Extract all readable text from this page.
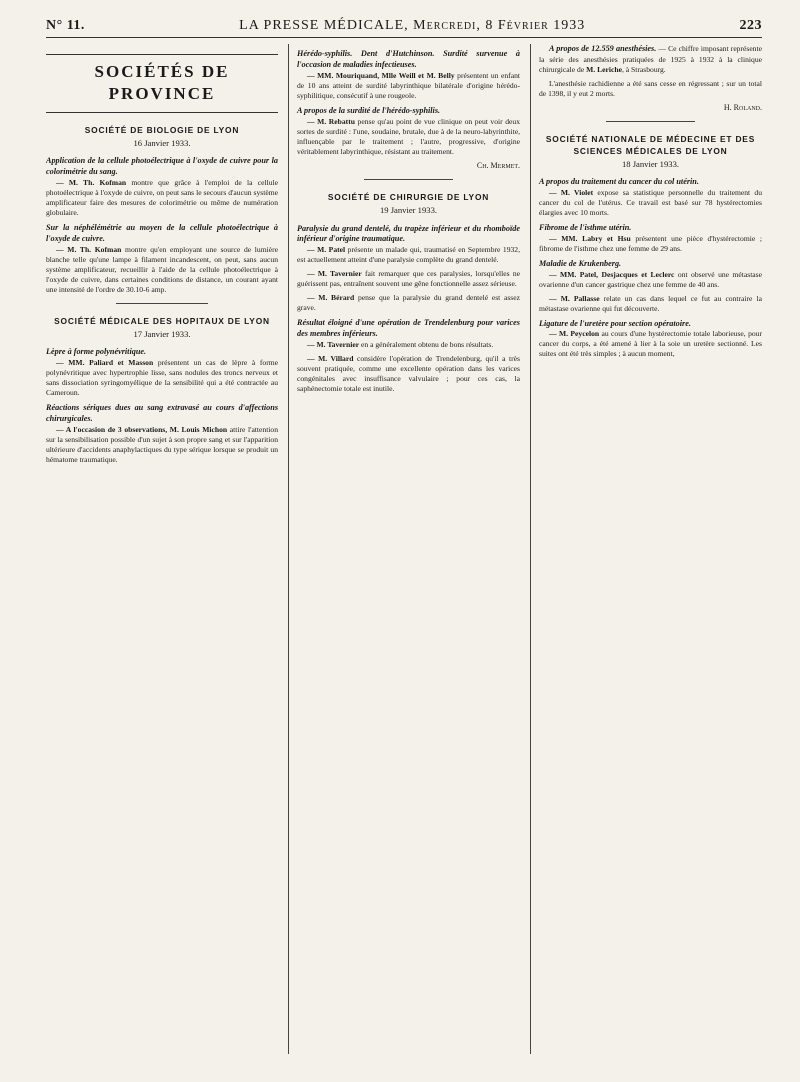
N° 11.	LA PRESSE MÉDICALE, Mercredi, 8 Février 1933	223
SOCIÉTÉS DE PROVINCE
SOCIÉTÉ DE BIOLOGIE DE LYON
16 Janvier 1933.
Application de la cellule photoélectrique à l'oxyde de cuivre pour la colorimétrie du sang.

— M. Th. Kofman montre que grâce à l'emploi de la cellule photoélectrique à l'oxyde de cuivre, on peut sans le secours d'aucun système amplificateur faire des mesures de colorimétrie ou même de numération globulaire.

Sur la néphélémétrie au moyen de la cellule photoélectrique à l'oxyde de cuivre.

— M. Th. Kofman montre qu'en employant une source de lumière blanche telle qu'une lampe à filament incandescent, on peut, sans aucun système amplificateur, recueillir à l'aide de la cellule photoélectrique à l'oxyde de cuivre, dans certaines conditions de distance, un courant ayant une intensité de l'ordre de 30.10-6 amp.

SOCIÉTÉ MÉDICALE DES HOPITAUX DE LYON
17 Janvier 1933.
Lèpre à forme polynévritique.

— MM. Paliard et Masson présentent un cas de lèpre à forme polynévritique avec hypertrophie lisse, sans nodules des troncs nerveux et sans dissociation syringomyélique de la sensibilité qui a été contractée au Cameroun.

Réactions sériques dues au sang extravasé au cours d'affections chirurgicales.

— A l'occasion de 3 observations, M. Louis Michon attire l'attention sur la sensibilisation possible d'un sujet à son propre sang et sur l'apparition ultérieure d'accidents anaphylactiques du type sérique lorsque se produit un hématome traumatique.

Hérédo-syphilis. Dent d'Hutchinson. Surdité survenue à l'occasion de maladies infectieuses.

— MM. Mouriquand, Mlle Weill et M. Belly présentent un enfant de 10 ans atteint de surdité labyrinthique bilatérale d'origine hérédo-syphilitique, consécutif à une rougeole.

A propos de la surdité de l'hérédo-syphilis.

— M. Rebattu pense qu'au point de vue clinique on peut voir deux sortes de surdité : l'une, soudaine, brutale, due à de la neuro-labyrinthite, influençable par le traitement ; l'autre, progressive, d'origine véritablement labyrinthique, résistant au traitement.

Ch. Mermet.
SOCIÉTÉ DE CHIRURGIE DE LYON
19 Janvier 1933.
Paralysie du grand dentelé, du trapèze inférieur et du rhomboïde inférieur d'origine traumatique.

— M. Patel présente un malade qui, traumatisé en Septembre 1932, est actuellement atteint d'une paralysie complète du grand dentelé.

— M. Tavernier fait remarquer que ces paralysies, lorsqu'elles ne guérissent pas, entraînent souvent une gêne fonctionnelle assez sérieuse.

— M. Bérard pense que la paralysie du grand dentelé est assez grave.

Résultat éloigné d'une opération de Trendelenburg pour varices des membres inférieurs.

— M. Tavernier en a généralement obtenu de bons résultats.

— M. Villard considère l'opération de Trendelenburg, qu'il a très souvent pratiquée, comme une excellente opération dans les varices congénitales avec insuffisance valvulaire ; pour ces cas, la saphénectomie totale est inutile.

A propos de 12.559 anesthésies. — Ce chiffre imposant représente la série des anesthésies pratiquées de 1925 à 1932 à la clinique chirurgicale de M. Leriche, à Strasbourg.

L'anesthésie rachidienne a été sans cesse en régressant ; sur un total de 1398, il y eut 2 morts.

H. Roland.
SOCIÉTÉ NATIONALE DE MÉDECINE ET DES SCIENCES MÉDICALES DE LYON
18 Janvier 1933.
A propos du traitement du cancer du col utérin.

— M. Violet expose sa statistique personnelle du traitement du cancer du col de l'utérus. Ce travail est basé sur 78 hystérectomies élargies avec 10 morts.

Fibrome de l'isthme utérin.

— MM. Labry et Hsu présentent une pièce d'hystérectomie ; fibrome de l'isthme chez une femme de 29 ans.

Maladie de Krukenberg.

— MM. Patel, Desjacques et Leclerc ont observé une métastase ovarienne d'un cancer gastrique chez une femme de 40 ans.

— M. Pallasse relate un cas dans lequel ce fut au contraire la métastase ovarienne qui fut découverte.

Ligature de l'uretère pour section opératoire.

— M. Peycelon au cours d'une hystérectomie totale laborieuse, pour cancer du corps, a été amené à lier à la soie un uretère sectionné. Les suites ont été très simples ; à aucun moment,
